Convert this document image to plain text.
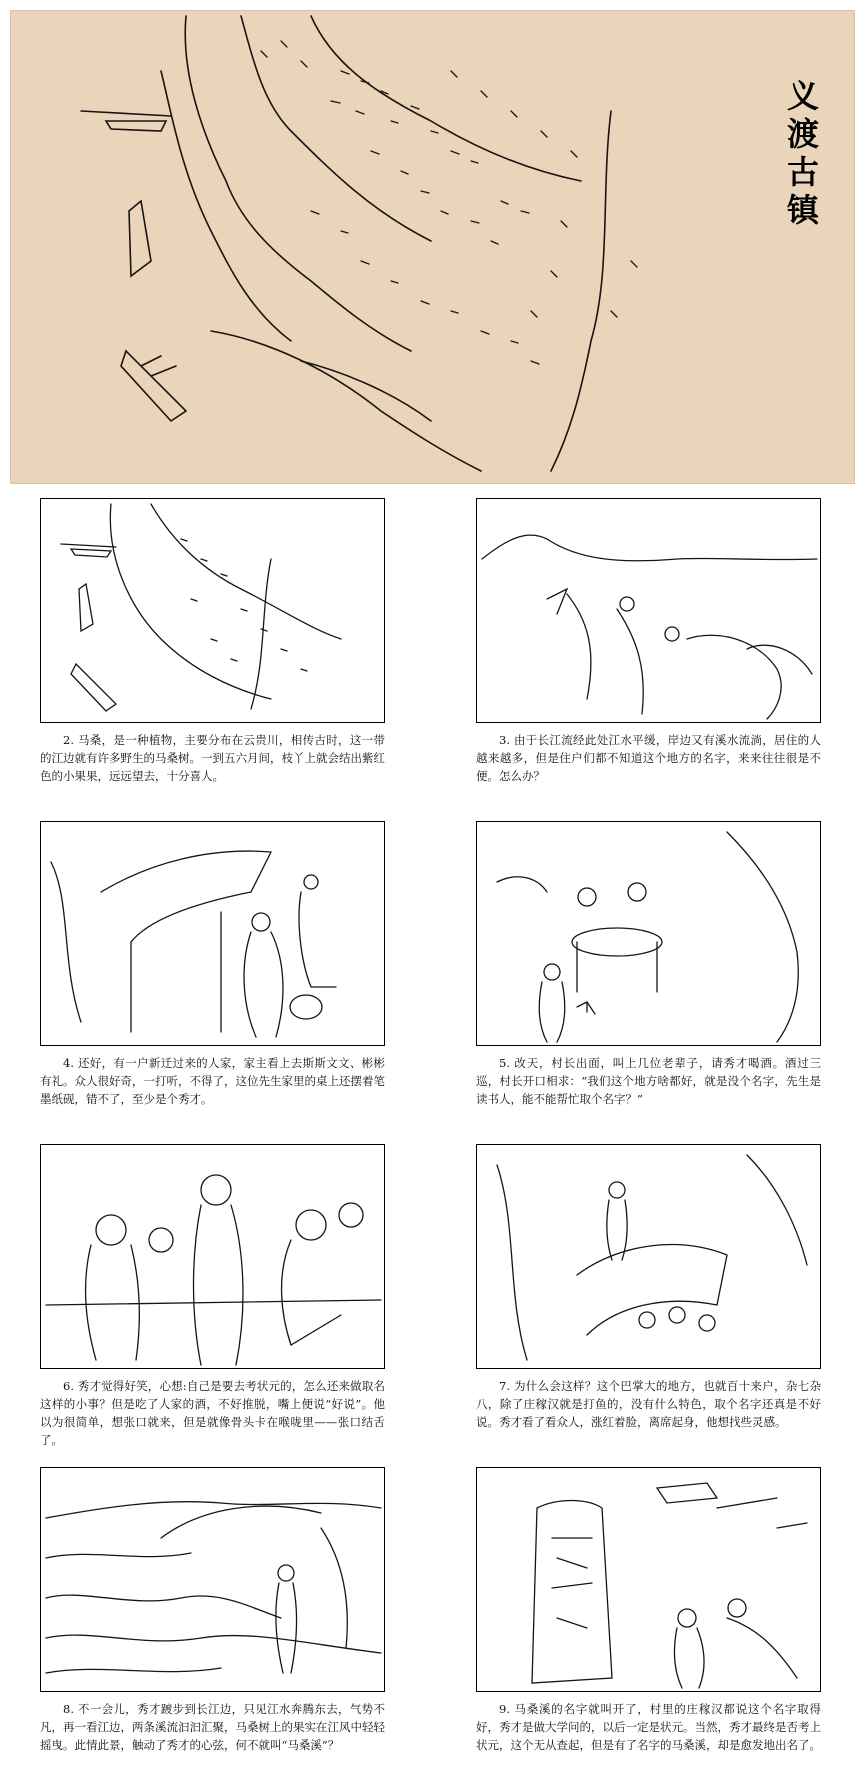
义渡古镇
2. 马桑，是一种植物，主要分布在云贵川，相传古时，这一带的江边就有许多野生的马桑树。一到五六月间，枝丫上就会结出紫红色的小果果，远远望去，十分喜人。
3. 由于长江流经此处江水平缓，岸边又有溪水流淌，居住的人越来越多，但是住户们都不知道这个地方的名字，来来往往很是不便。怎么办？
4. 还好，有一户新迁过来的人家，家主看上去斯斯文文、彬彬有礼。众人很好奇，一打听，不得了，这位先生家里的桌上还摆着笔墨纸砚，错不了，至少是个秀才。
5. 改天，村长出面，叫上几位老辈子，请秀才喝酒。酒过三巡，村长开口相求：“我们这个地方啥都好，就是没个名字，先生是读书人，能不能帮忙取个名字？”
6. 秀才觉得好笑，心想:自己是要去考状元的，怎么还来做取名这样的小事？但是吃了人家的酒，不好推脱，嘴上便说“好说”。他以为很简单，想张口就来，但是就像骨头卡在喉咙里——张口结舌了。
7. 为什么会这样？这个巴掌大的地方，也就百十来户，杂七杂八，除了庄稼汉就是打鱼的，没有什么特色，取个名字还真是不好说。秀才看了看众人，涨红着脸，离席起身，他想找些灵感。
8. 不一会儿，秀才踱步到长江边，只见江水奔腾东去，气势不凡，再一看江边，两条溪流汩汩汇聚，马桑树上的果实在江风中轻轻摇曳。此情此景，触动了秀才的心弦，何不就叫“马桑溪”？
9. 马桑溪的名字就叫开了，村里的庄稼汉都说这个名字取得好，秀才是做大学问的，以后一定是状元。当然，秀才最终是否考上状元，这个无从查起，但是有了名字的马桑溪，却是愈发地出名了。
